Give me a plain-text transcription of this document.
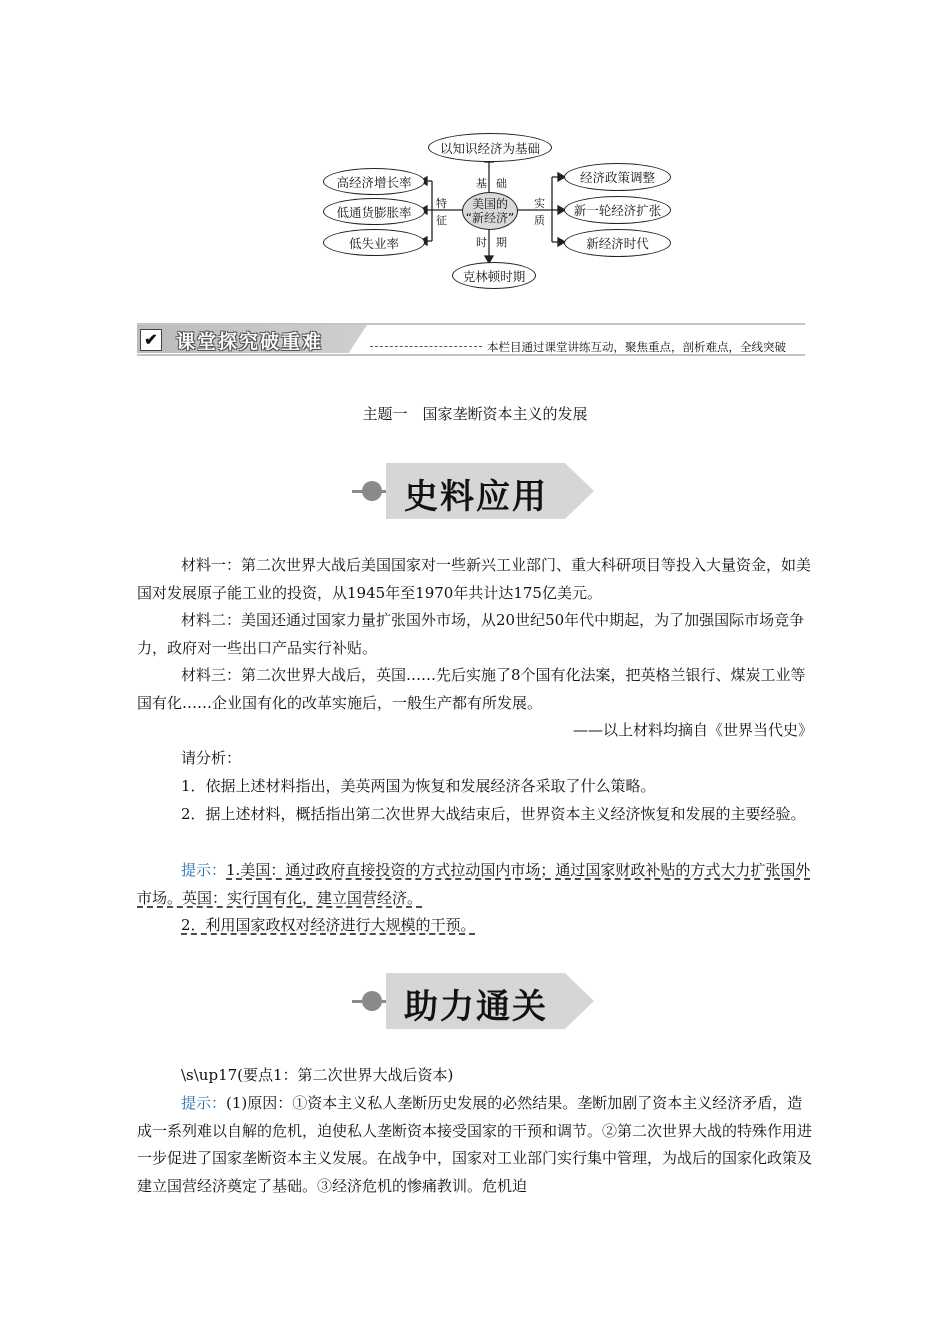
以知识经济为基础
克林顿时期
高经济增长率
低通货膨胀率
低失业率
经济政策调整
新一轮经济扩张
新经济时代
美国的
“新经济”
基 础
时 期
特
征
实
质
✔ 课堂探究破重难	本栏目通过课堂讲练互动，聚焦重点，剖析难点，全线突破
主题一　国家垄断资本主义的发展
史料应用
材料一：第二次世界大战后美国国家对一些新兴工业部门、重大科研项目等投入大量资金，如美国对发展原子能工业的投资，从1945年至1970年共计达175亿美元。
材料二：美国还通过国家力量扩张国外市场，从20世纪50年代中期起，为了加强国际市场竞争力，政府对一些出口产品实行补贴。
材料三：第二次世界大战后，英国……先后实施了8个国有化法案，把英格兰银行、煤炭工业等国有化……企业国有化的改革实施后，一般生产都有所发展。
——以上材料均摘自《世界当代史》
请分析：
1．依据上述材料指出，美英两国为恢复和发展经济各采取了什么策略。
2．据上述材料，概括指出第二次世界大战结束后，世界资本主义经济恢复和发展的主要经验。
提示：1.美国：通过政府直接投资的方式拉动国内市场；通过国家财政补贴的方式大力扩张国外市场。英国：实行国有化，建立国营经济。
2．利用国家政权对经济进行大规模的干预。
助力通关
\s\up17(要点1：第二次世界大战后资本)
提示：(1)原因：①资本主义私人垄断历史发展的必然结果。垄断加剧了资本主义经济矛盾，造成一系列难以自解的危机，迫使私人垄断资本接受国家的干预和调节。②第二次世界大战的特殊作用进一步促进了国家垄断资本主义发展。在战争中，国家对工业部门实行集中管理，为战后的国家化政策及建立国营经济奠定了基础。③经济危机的惨痛教训。危机迫
